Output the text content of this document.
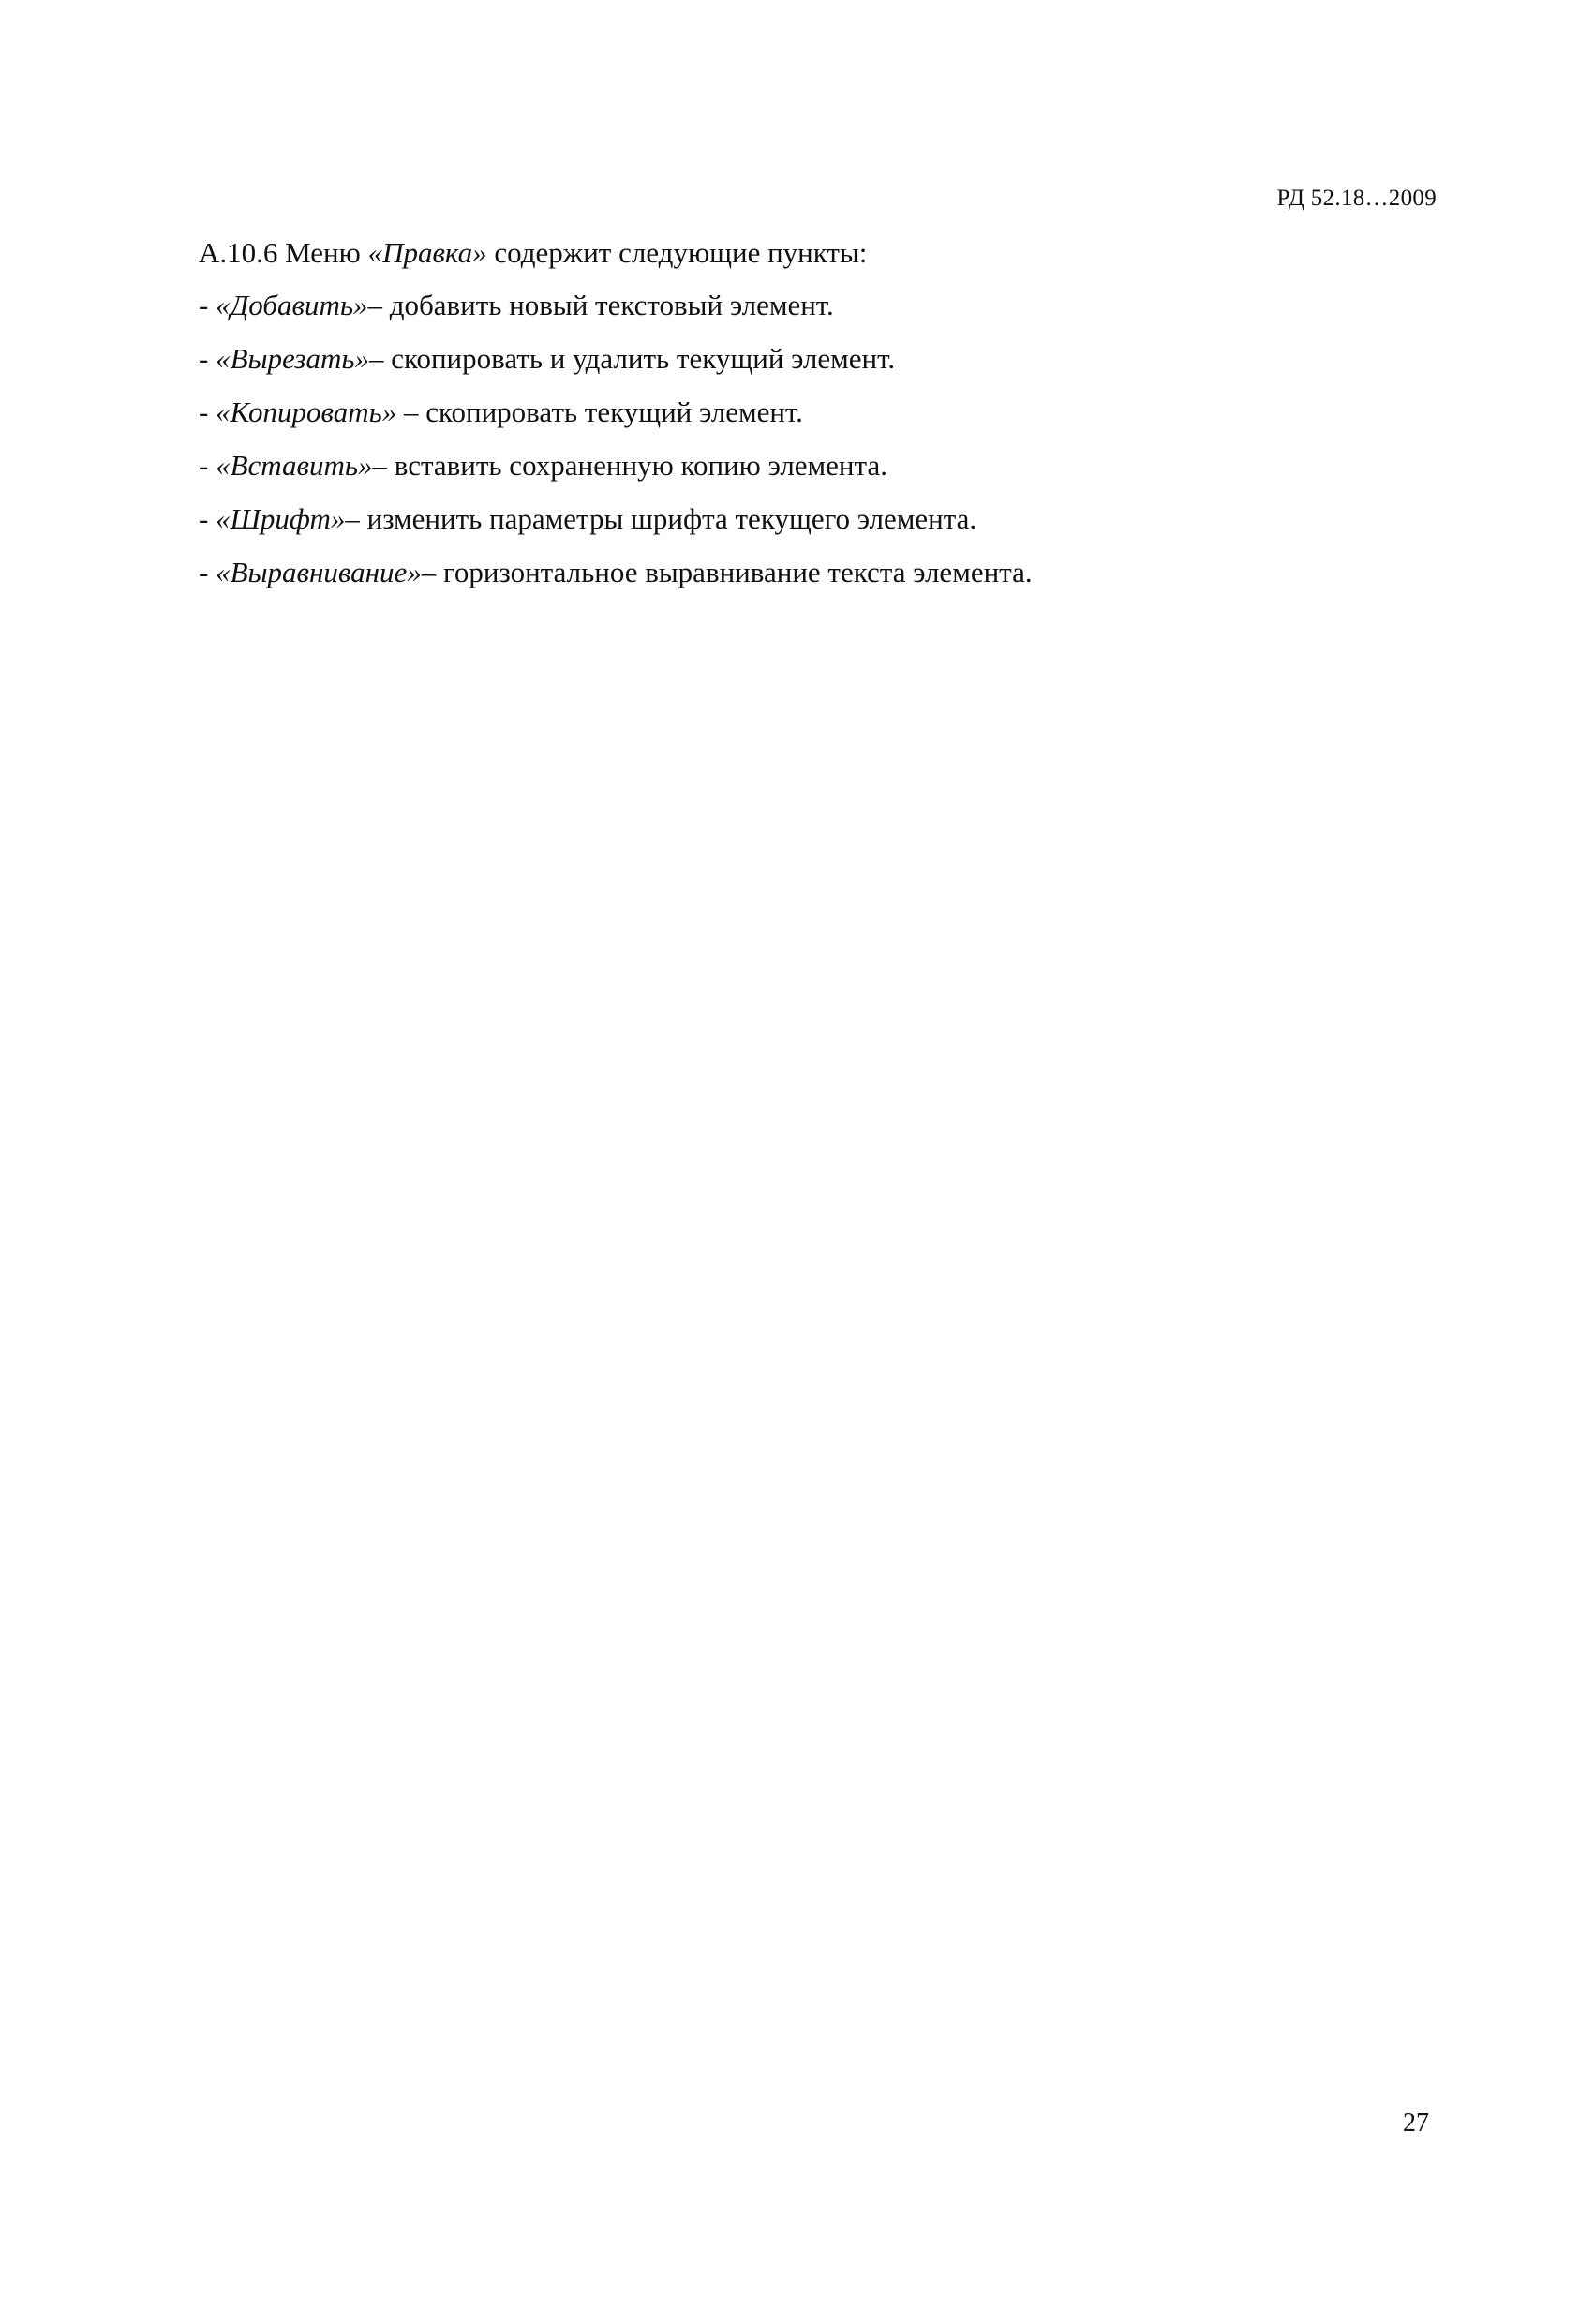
РД 52.18…2009

А.10.6 Меню «Правка» содержит следующие пункты:

- «Добавить»– добавить новый текстовый элемент.
- «Вырезать»– скопировать и удалить текущий элемент.
- «Копировать» – скопировать текущий элемент.
- «Вставить»– вставить сохраненную копию элемента.
- «Шрифт»– изменить параметры шрифта текущего элемента.
- «Выравнивание»– горизонтальное выравнивание текста элемента.
27
